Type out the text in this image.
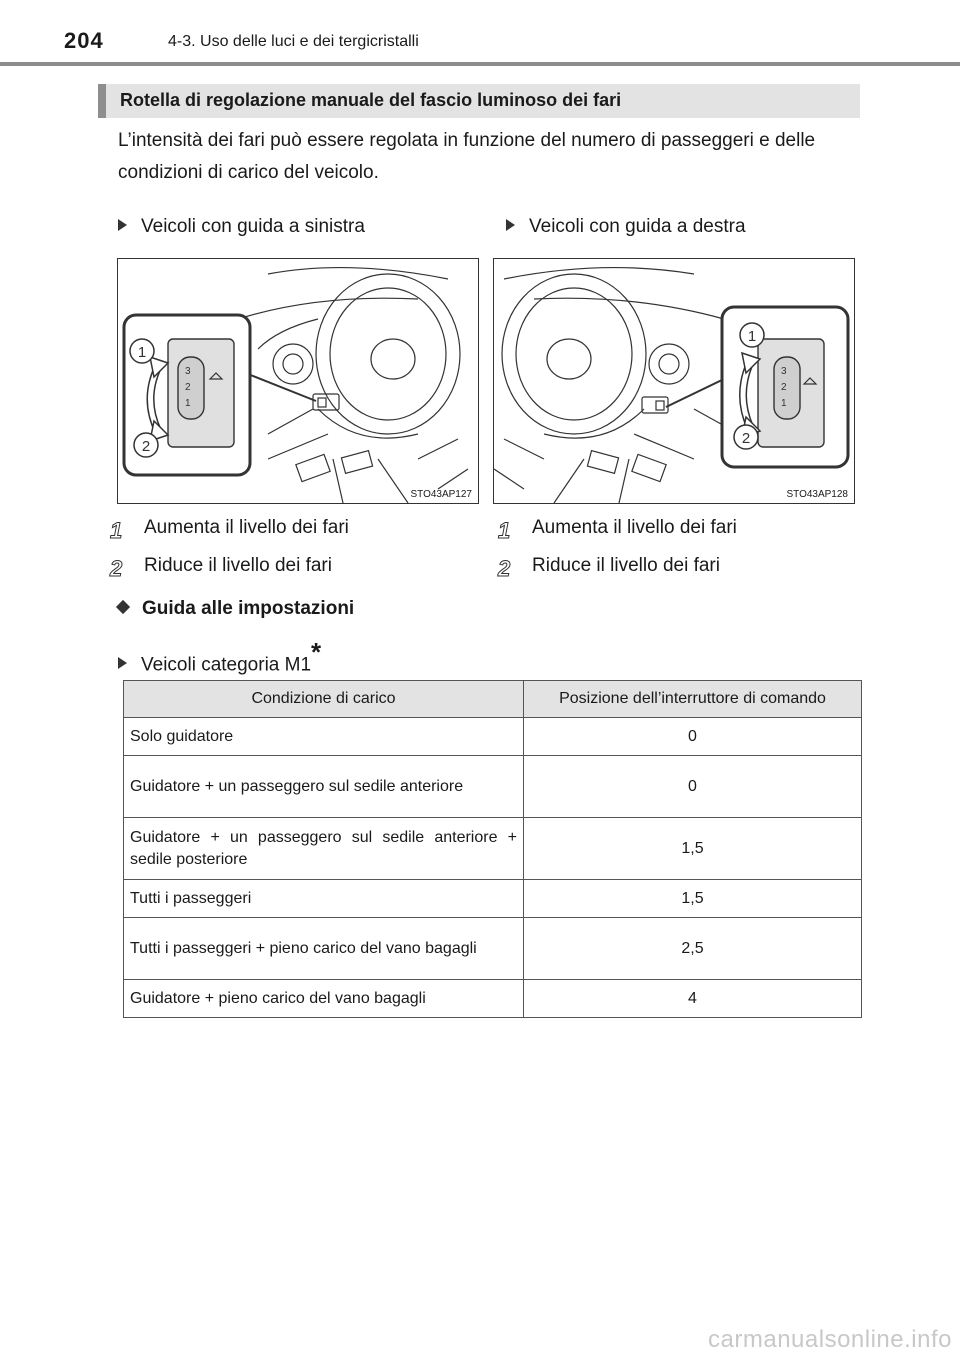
204	4-3. Uso delle luci e dei tergicristalli
Rotella di regolazione manuale del fascio luminoso dei fari
L’intensità dei fari può essere regolata in funzione del numero di passeggeri e delle condizioni di carico del veicolo.
Veicoli con guida a sinistra	Veicoli con guida a destra
3
2
1
1
2
STO43AP127
3
2
1
1
2
STO43AP128
1 Aumenta il livello dei fari
2 Riduce il livello dei fari
1 Aumenta il livello dei fari
2 Riduce il livello dei fari
Guida alle impostazioni
Veicoli categoria M1*
Condizione di carico	Posizione dell’interruttore di comando
Solo guidatore	0
Guidatore + un passeggero sul sedile anteriore	0
Guidatore + un passeggero sul sedile anteriore + sedile posteriore	1,5
Tutti i passeggeri	1,5
Tutti i passeggeri + pieno carico del vano bagagli	2,5
Guidatore + pieno carico del vano bagagli	4
carmanualsonline.info
